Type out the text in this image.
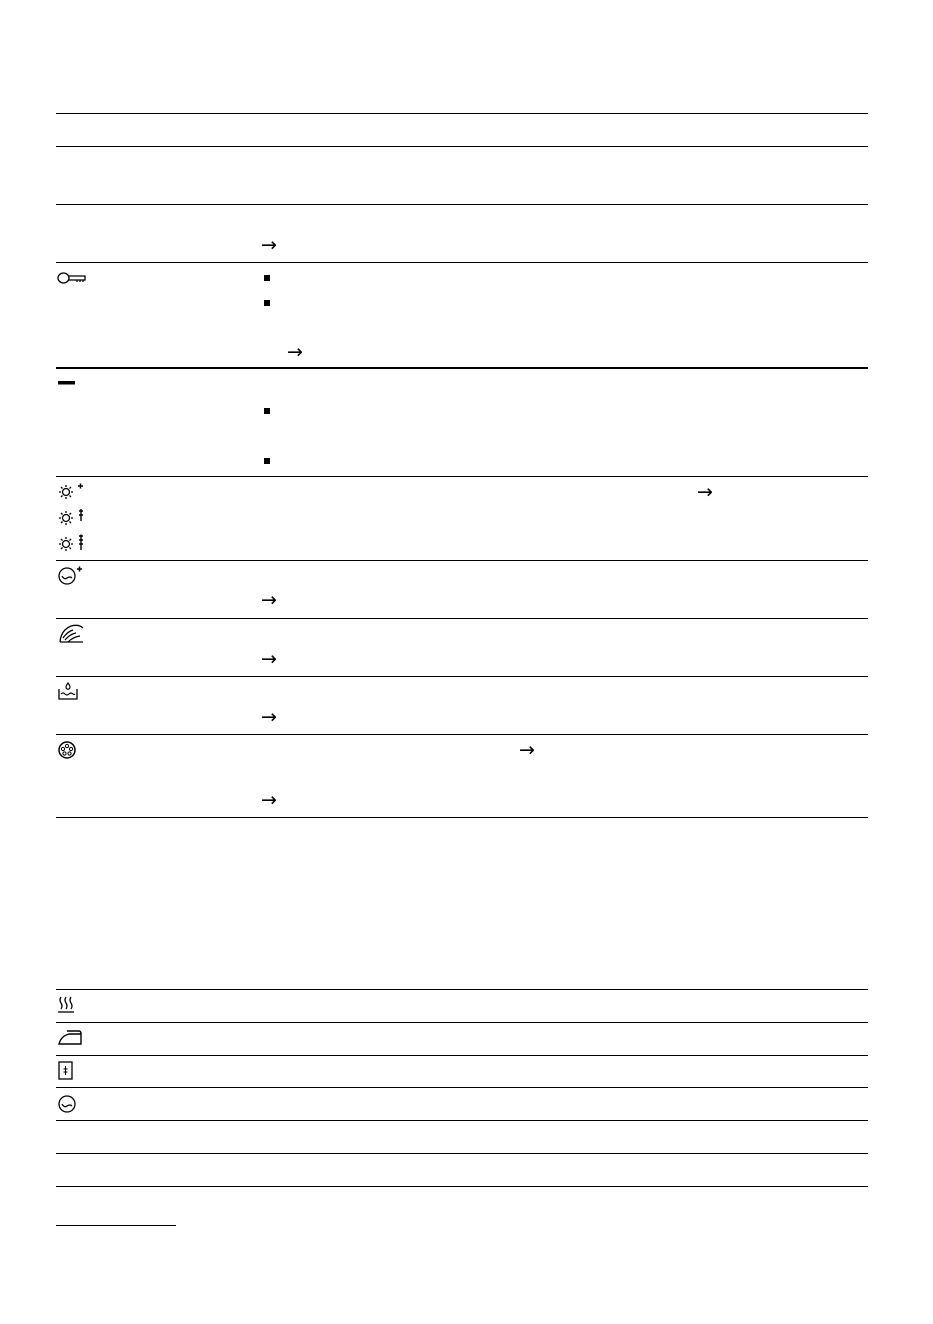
→
→
→
→
→
→
→
→
